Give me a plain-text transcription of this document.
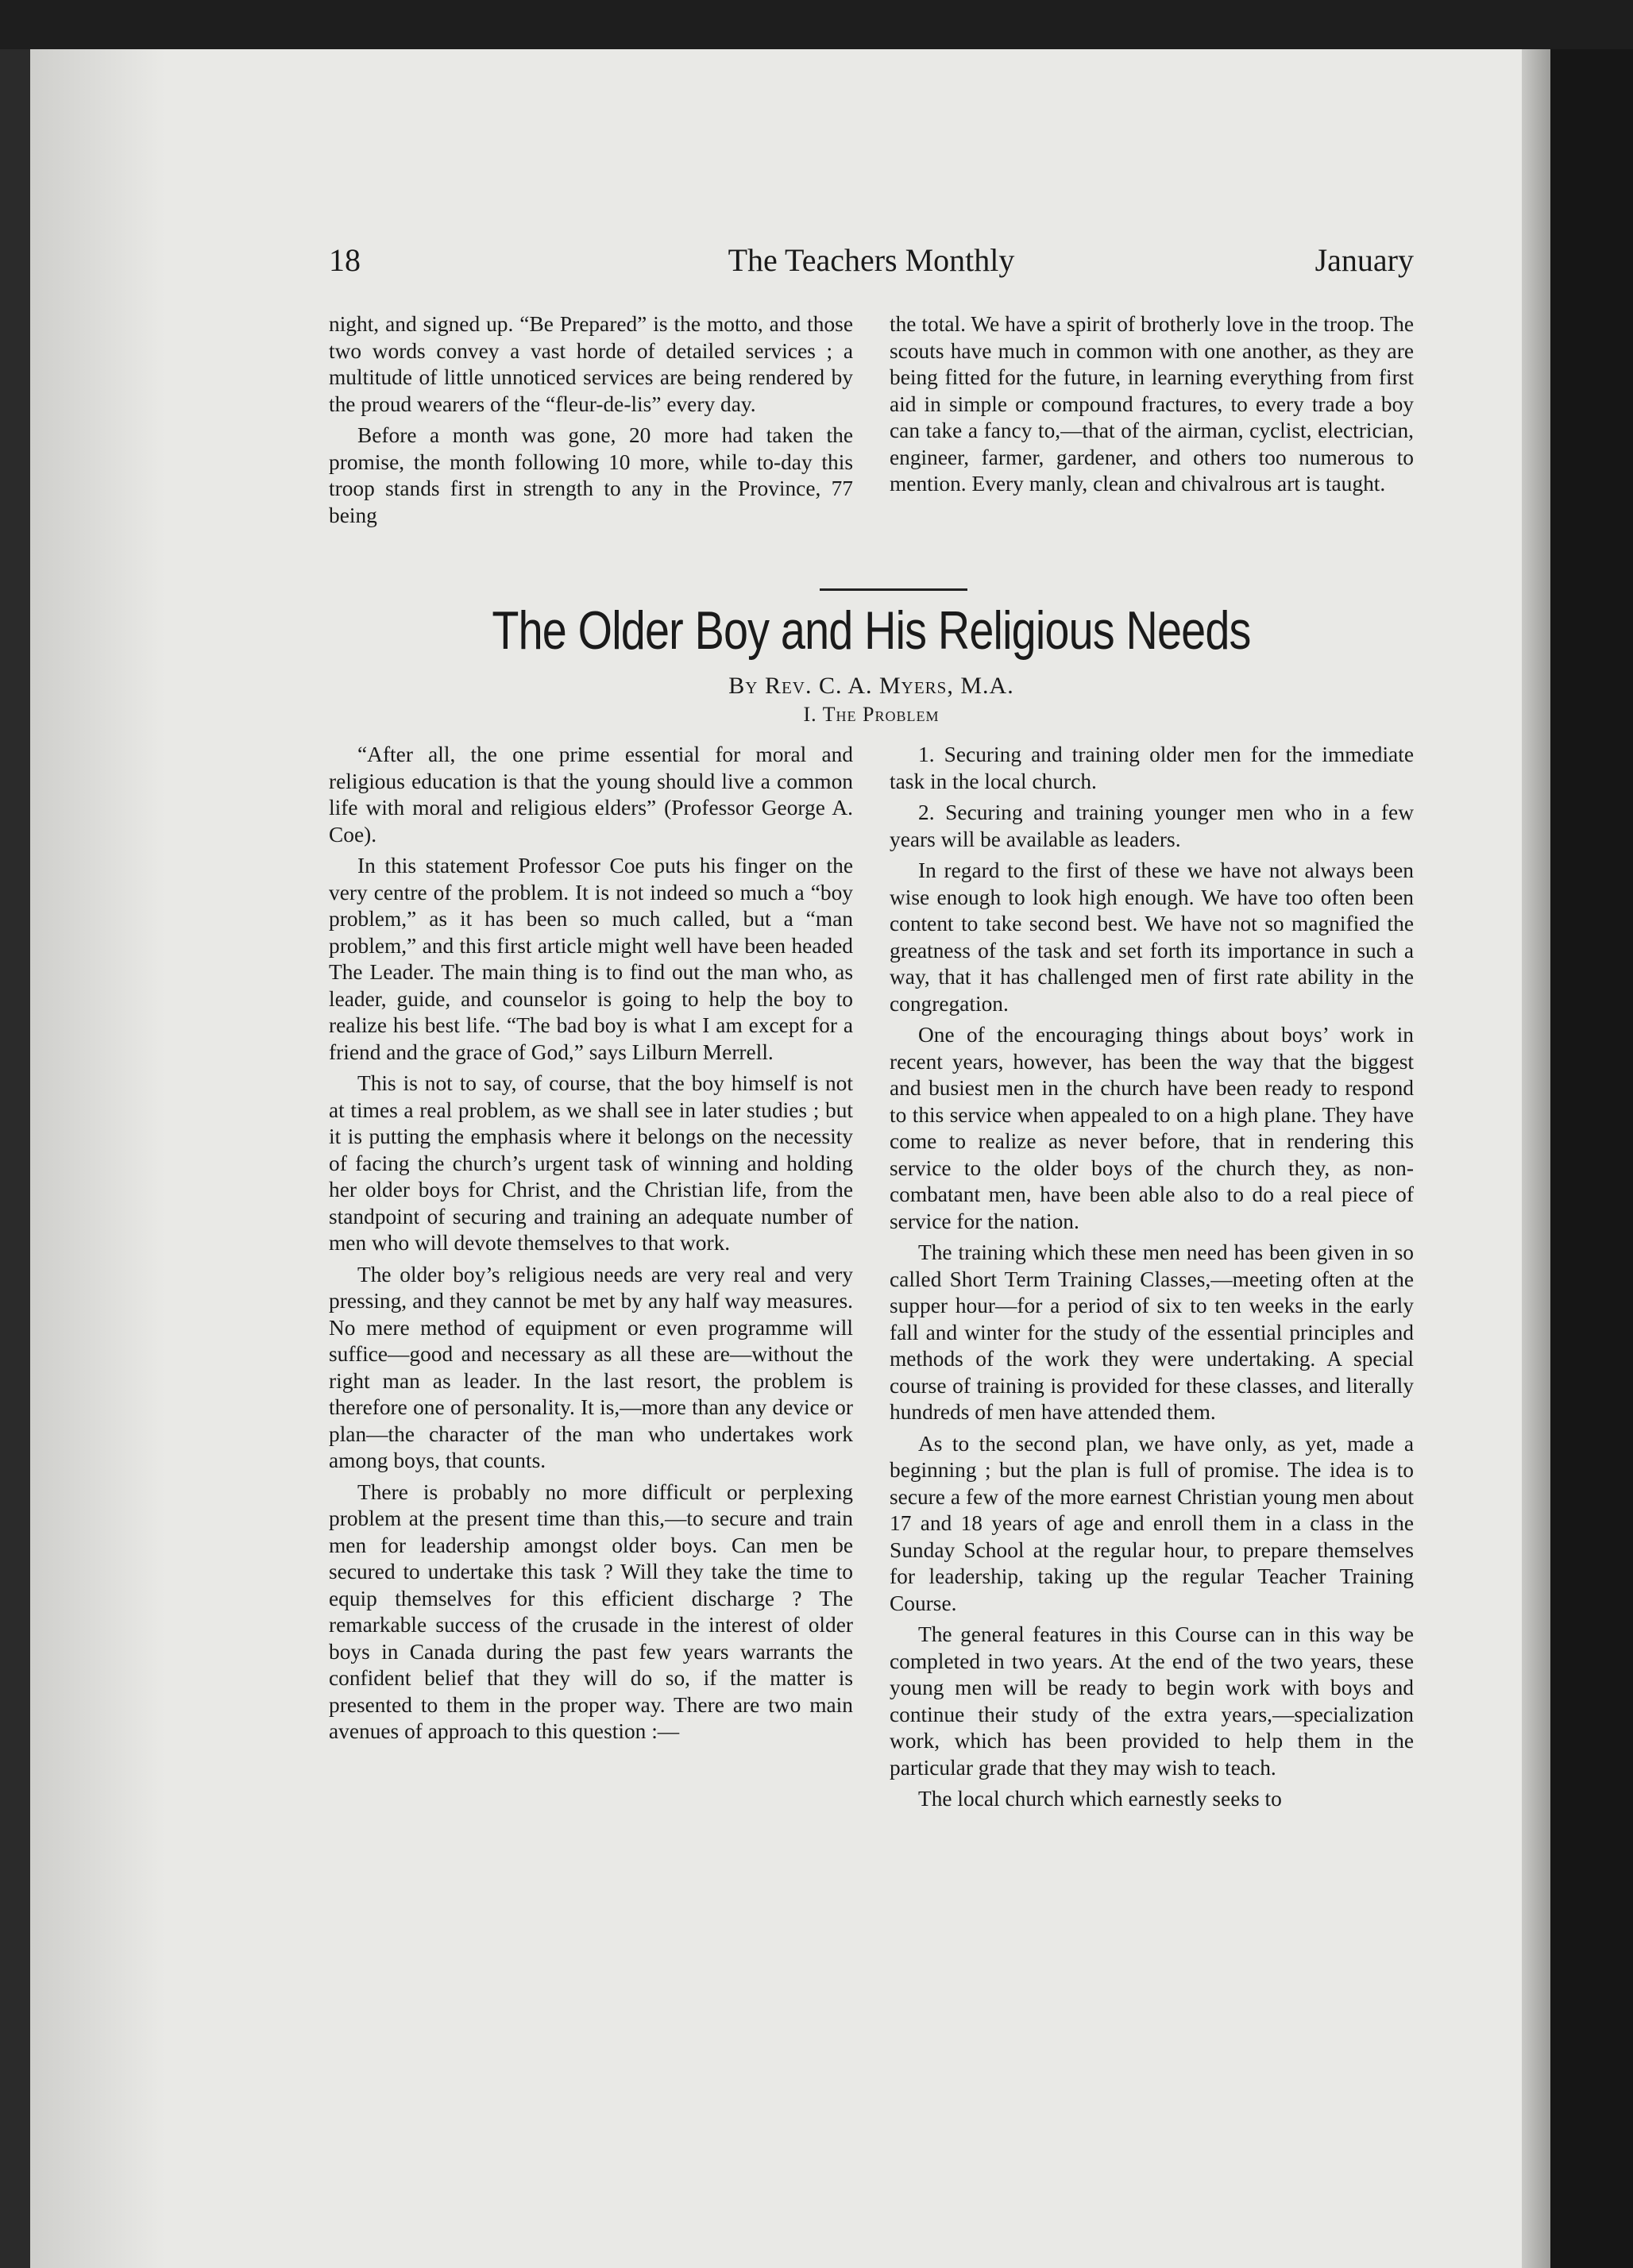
The Teachers Monthly
18	January

night, and signed up. “Be Prepared” is the motto, and those two words convey a vast horde of detailed services ; a multitude of little unnoticed services are being rendered by the proud wearers of the “fleur-de-lis” every day.

Before a month was gone, 20 more had taken the promise, the month following 10 more, while to-day this troop stands first in strength to any in the Province, 77 being

the total. We have a spirit of brotherly love in the troop. The scouts have much in common with one another, as they are being fitted for the future, in learning everything from first aid in simple or compound fractures, to every trade a boy can take a fancy to,—that of the airman, cyclist, electrician, engineer, farmer, gardener, and others too numerous to mention. Every manly, clean and chivalrous art is taught.

The Older Boy and His Religious Needs
By Rev. C. A. Myers, M.A.
I. The Problem

“After all, the one prime essential for moral and religious education is that the young should live a common life with moral and religious elders” (Professor George A. Coe).

In this statement Professor Coe puts his finger on the very centre of the problem. It is not indeed so much a “boy problem,” as it has been so much called, but a “man problem,” and this first article might well have been headed The Leader. The main thing is to find out the man who, as leader, guide, and counselor is going to help the boy to realize his best life. “The bad boy is what I am except for a friend and the grace of God,” says Lilburn Merrell.

This is not to say, of course, that the boy himself is not at times a real problem, as we shall see in later studies ; but it is putting the emphasis where it belongs on the necessity of facing the church’s urgent task of winning and holding her older boys for Christ, and the Christian life, from the standpoint of securing and training an adequate number of men who will devote themselves to that work.

The older boy’s religious needs are very real and very pressing, and they cannot be met by any half way measures. No mere method of equipment or even programme will suffice—good and necessary as all these are—without the right man as leader. In the last resort, the problem is therefore one of personality. It is,—more than any device or plan—the character of the man who undertakes work among boys, that counts.

There is probably no more difficult or perplexing problem at the present time than this,—to secure and train men for leadership amongst older boys. Can men be secured to undertake this task ? Will they take the time to equip themselves for this efficient discharge ? The remarkable success of the crusade in the interest of older boys in Canada during the past few years warrants the confident belief that they will do so, if the matter is presented to them in the proper way. There are two main avenues of approach to this question :—

1. Securing and training older men for the immediate task in the local church.

2. Securing and training younger men who in a few years will be available as leaders.

In regard to the first of these we have not always been wise enough to look high enough. We have too often been content to take second best. We have not so magnified the greatness of the task and set forth its importance in such a way, that it has challenged men of first rate ability in the congregation.

One of the encouraging things about boys’ work in recent years, however, has been the way that the biggest and busiest men in the church have been ready to respond to this service when appealed to on a high plane. They have come to realize as never before, that in rendering this service to the older boys of the church they, as non-combatant men, have been able also to do a real piece of service for the nation.

The training which these men need has been given in so called Short Term Training Classes,—meeting often at the supper hour—for a period of six to ten weeks in the early fall and winter for the study of the essential principles and methods of the work they were undertaking. A special course of training is provided for these classes, and literally hundreds of men have attended them.

As to the second plan, we have only, as yet, made a beginning ; but the plan is full of promise. The idea is to secure a few of the more earnest Christian young men about 17 and 18 years of age and enroll them in a class in the Sunday School at the regular hour, to prepare themselves for leadership, taking up the regular Teacher Training Course.

The general features in this Course can in this way be completed in two years. At the end of the two years, these young men will be ready to begin work with boys and continue their study of the extra years,—specialization work, which has been provided to help them in the particular grade that they may wish to teach.

The local church which earnestly seeks to
